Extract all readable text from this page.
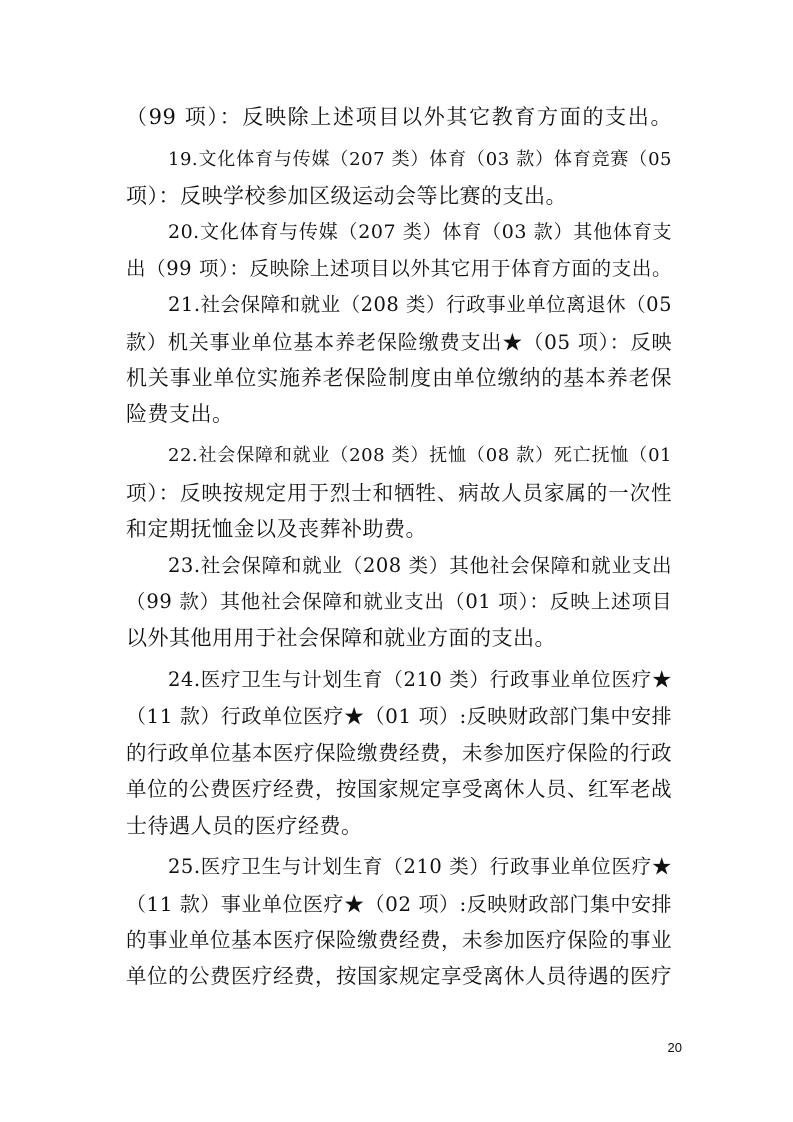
（99 项）：反映除上述项目以外其它教育方面的支出。
19.文化体育与传媒（207 类）体育（03 款）体育竞赛（05
项）：反映学校参加区级运动会等比赛的支出。
20.文化体育与传媒（207 类）体育（03 款）其他体育支
出（99 项）：反映除上述项目以外其它用于体育方面的支出。
21.社会保障和就业（208 类）行政事业单位离退休（05
款）机关事业单位基本养老保险缴费支出★（05 项）：反映
机关事业单位实施养老保险制度由单位缴纳的基本养老保
险费支出。
22.社会保障和就业（208 类）抚恤（08 款）死亡抚恤（01
项）：反映按规定用于烈士和牺牲、病故人员家属的一次性
和定期抚恤金以及丧葬补助费。
23.社会保障和就业（208 类）其他社会保障和就业支出
（99 款）其他社会保障和就业支出（01 项）：反映上述项目
以外其他用用于社会保障和就业方面的支出。
24.医疗卫生与计划生育（210 类）行政事业单位医疗★
（11 款）行政单位医疗★（01 项）:反映财政部门集中安排
的行政单位基本医疗保险缴费经费，未参加医疗保险的行政
单位的公费医疗经费，按国家规定享受离休人员、红军老战
士待遇人员的医疗经费。
25.医疗卫生与计划生育（210 类）行政事业单位医疗★
（11 款）事业单位医疗★（02 项）:反映财政部门集中安排
的事业单位基本医疗保险缴费经费，未参加医疗保险的事业
单位的公费医疗经费，按国家规定享受离休人员待遇的医疗
20
